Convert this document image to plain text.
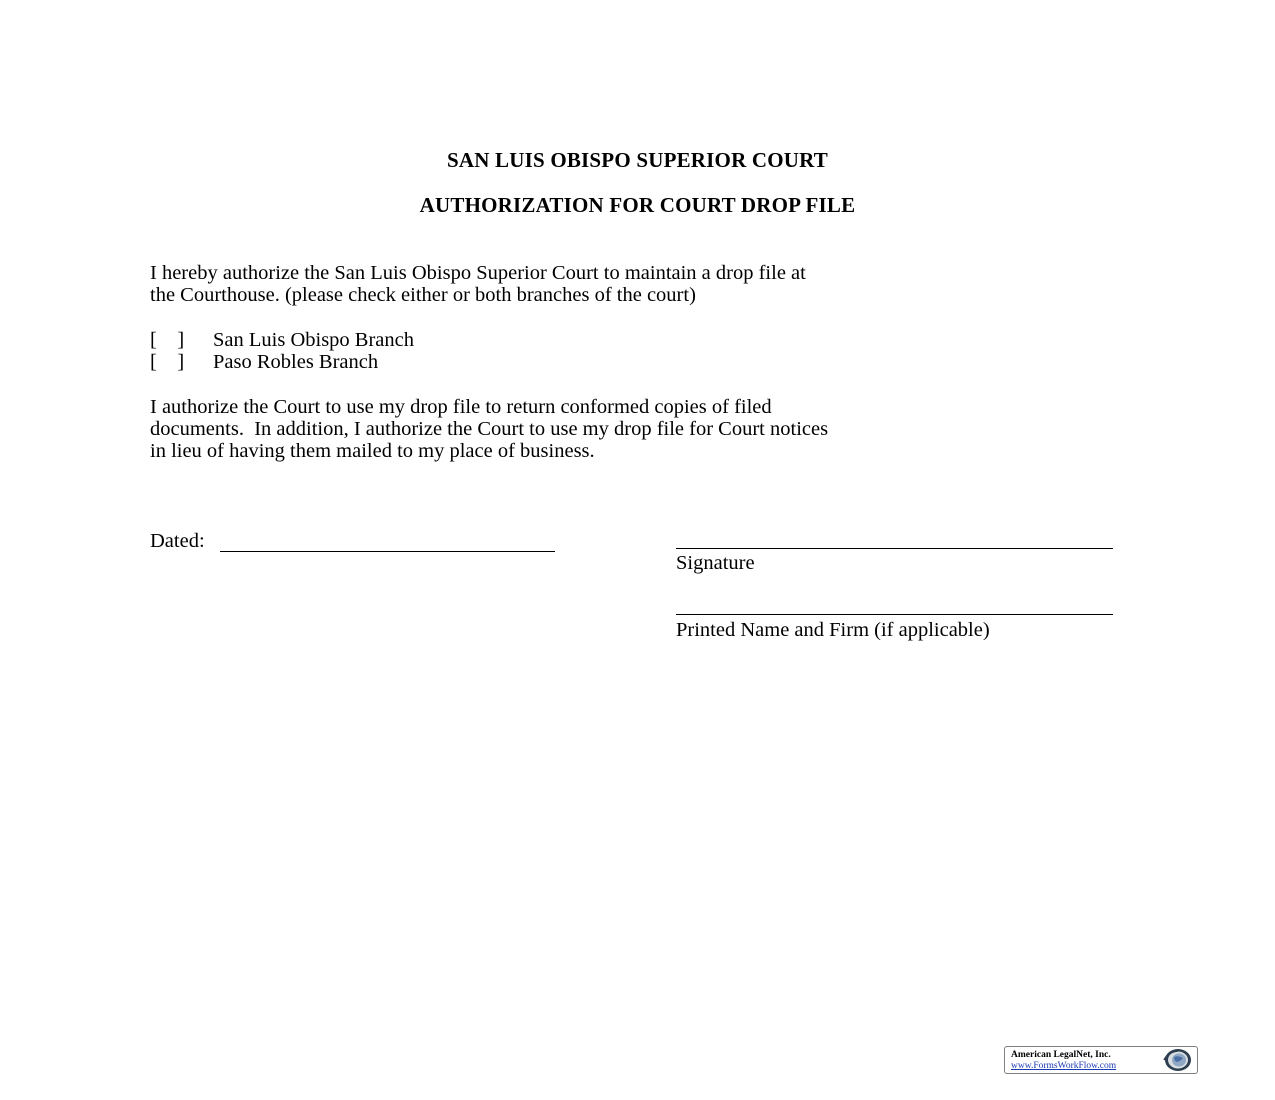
SAN LUIS OBISPO SUPERIOR COURT
AUTHORIZATION FOR COURT DROP FILE

I hereby authorize the San Luis Obispo Superior Court to maintain a drop file at
the Courthouse. (please check either or both branches of the court)

[    ]	San Luis Obispo Branch
[    ]	Paso Robles Branch

I authorize the Court to use my drop file to return conformed copies of filed
documents.  In addition, I authorize the Court to use my drop file for Court notices
in lieu of having them mailed to my place of business.

Dated:

Signature

Printed Name and Firm (if applicable)

American LegalNet, Inc.
www.FormsWorkFlow.com
